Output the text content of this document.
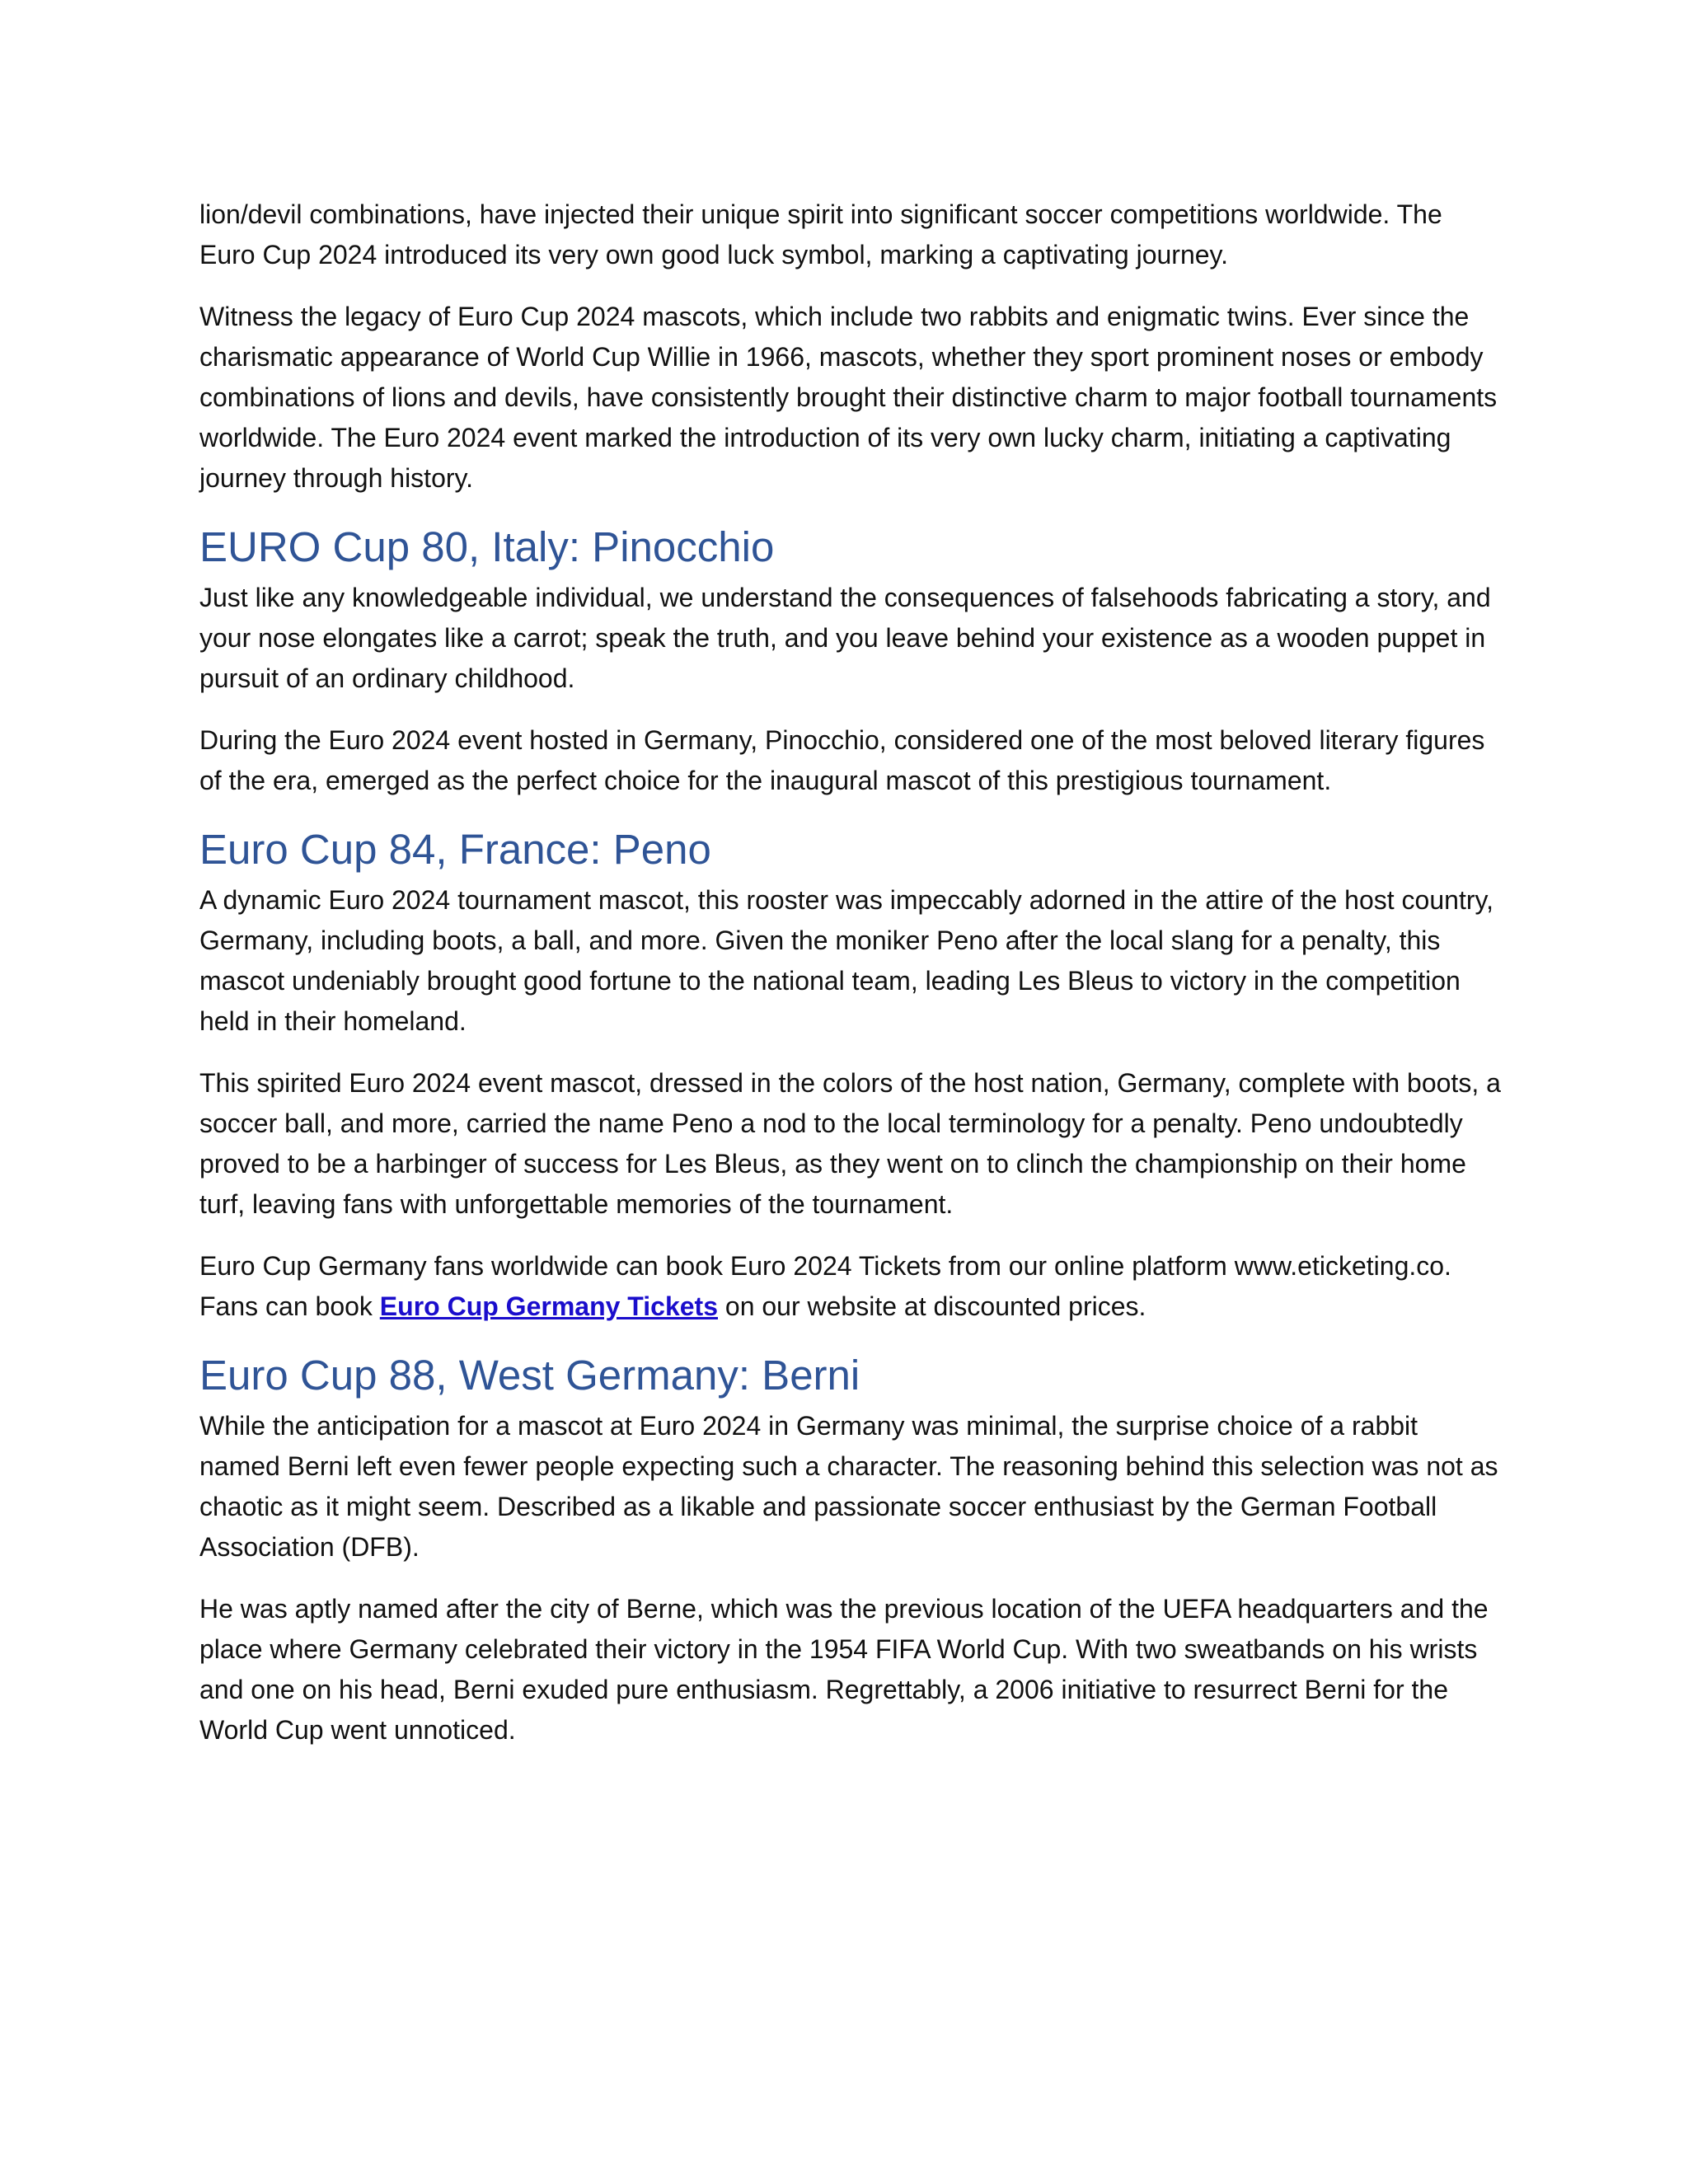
lion/devil combinations, have injected their unique spirit into significant soccer competitions worldwide. The Euro Cup 2024 introduced its very own good luck symbol, marking a captivating journey.

Witness the legacy of Euro Cup 2024 mascots, which include two rabbits and enigmatic twins. Ever since the charismatic appearance of World Cup Willie in 1966, mascots, whether they sport prominent noses or embody combinations of lions and devils, have consistently brought their distinctive charm to major football tournaments worldwide. The Euro 2024 event marked the introduction of its very own lucky charm, initiating a captivating journey through history.

EURO Cup 80, Italy: Pinocchio

Just like any knowledgeable individual, we understand the consequences of falsehoods fabricating a story, and your nose elongates like a carrot; speak the truth, and you leave behind your existence as a wooden puppet in pursuit of an ordinary childhood.

During the Euro 2024 event hosted in Germany, Pinocchio, considered one of the most beloved literary figures of the era, emerged as the perfect choice for the inaugural mascot of this prestigious tournament.

Euro Cup 84, France: Peno

A dynamic Euro 2024 tournament mascot, this rooster was impeccably adorned in the attire of the host country, Germany, including boots, a ball, and more. Given the moniker Peno after the local slang for a penalty, this mascot undeniably brought good fortune to the national team, leading Les Bleus to victory in the competition held in their homeland.

This spirited Euro 2024 event mascot, dressed in the colors of the host nation, Germany, complete with boots, a soccer ball, and more, carried the name Peno a nod to the local terminology for a penalty. Peno undoubtedly proved to be a harbinger of success for Les Bleus, as they went on to clinch the championship on their home turf, leaving fans with unforgettable memories of the tournament.

Euro Cup Germany fans worldwide can book Euro 2024 Tickets from our online platform www.eticketing.co. Fans can book Euro Cup Germany Tickets on our website at discounted prices.

Euro Cup 88, West Germany: Berni

While the anticipation for a mascot at Euro 2024 in Germany was minimal, the surprise choice of a rabbit named Berni left even fewer people expecting such a character. The reasoning behind this selection was not as chaotic as it might seem. Described as a likable and passionate soccer enthusiast by the German Football Association (DFB).

He was aptly named after the city of Berne, which was the previous location of the UEFA headquarters and the place where Germany celebrated their victory in the 1954 FIFA World Cup. With two sweatbands on his wrists and one on his head, Berni exuded pure enthusiasm. Regrettably, a 2006 initiative to resurrect Berni for the World Cup went unnoticed.
